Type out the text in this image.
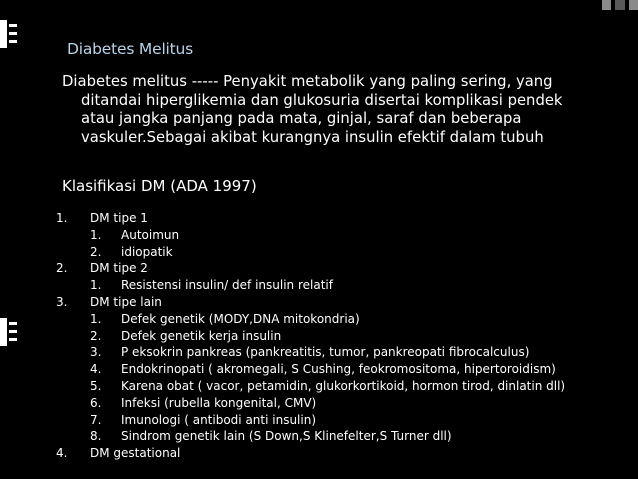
Diabetes Melitus
Diabetes melitus ----- Penyakit metabolik yang paling sering, yang
ditandai hiperglikemia dan glukosuria disertai komplikasi pendek
atau jangka panjang pada mata, ginjal, saraf dan beberapa
vaskuler.Sebagai akibat kurangnya insulin efektif dalam tubuh
Klasifikasi DM (ADA 1997)
1. DM tipe 1
1. Autoimun
2. idiopatik
2. DM tipe 2
1. Resistensi insulin/ def insulin relatif
3. DM tipe lain
1. Defek genetik (MODY,DNA mitokondria)
2. Defek genetik kerja insulin
3. P eksokrin pankreas (pankreatitis, tumor, pankreopati fibrocalculus)
4. Endokrinopati ( akromegali, S Cushing, feokromositoma, hipertoroidism)
5. Karena obat ( vacor, petamidin, glukorkortikoid, hormon tirod, dinlatin dll)
6. Infeksi (rubella kongenital, CMV)
7. Imunologi ( antibodi anti insulin)
8. Sindrom genetik lain (S Down,S Klinefelter,S Turner dll)
4. DM gestational
